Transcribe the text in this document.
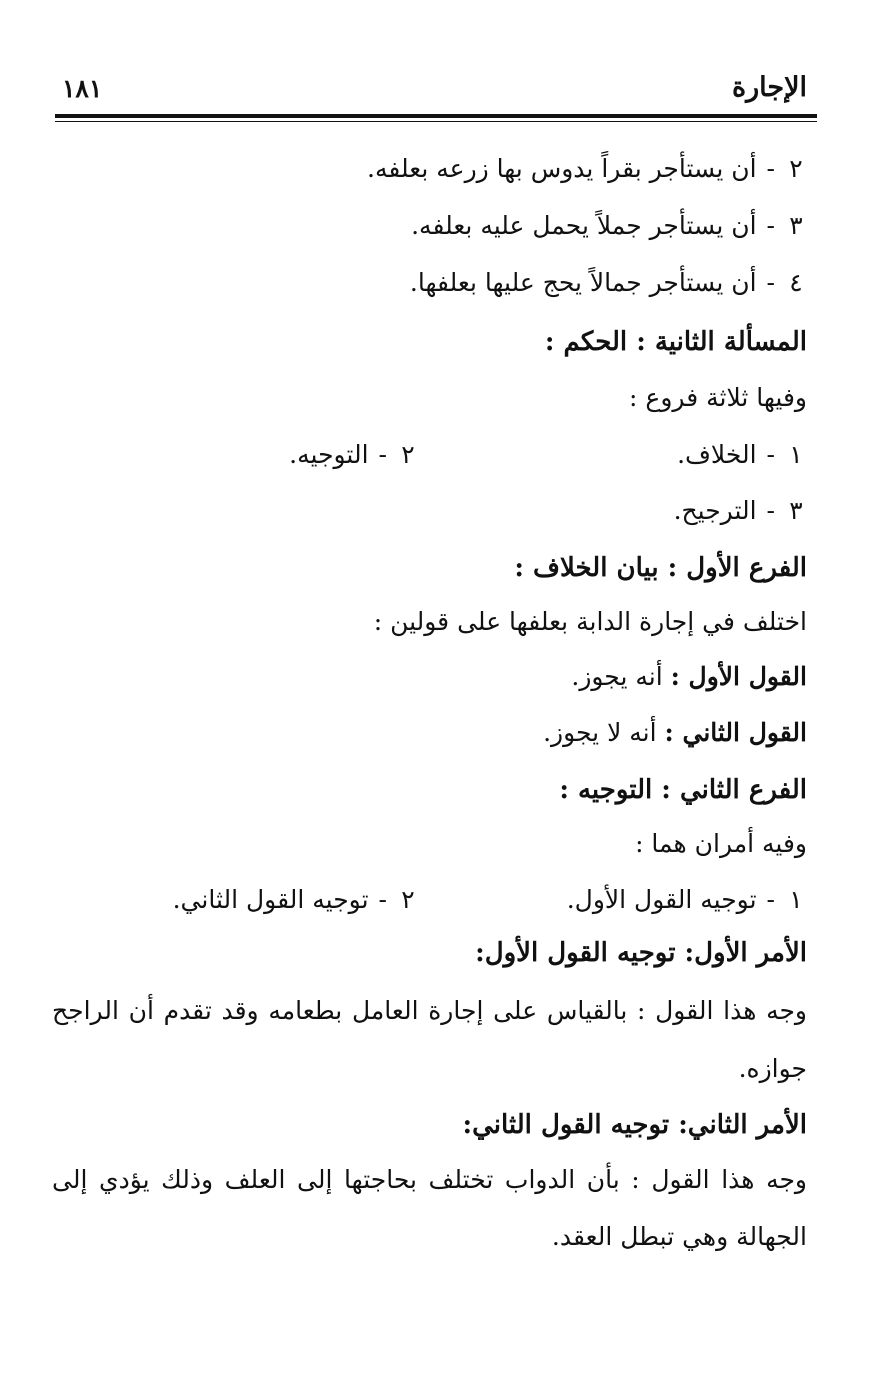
الإجارة
١٨١
٢-أن يستأجر بقراً يدوس بها زرعه بعلفه.
٣-أن يستأجر جملاً يحمل عليه بعلفه.
٤-أن يستأجر جمالاً يحج عليها بعلفها.
المسألة الثانية : الحكم :
وفيها ثلاثة فروع :
١-الخلاف.
٢-التوجيه.
٣-الترجيح.
الفرع الأول : بيان الخلاف :
اختلف في إجارة الدابة بعلفها على قولين :
القول الأول : أنه يجوز.
القول الثاني : أنه لا يجوز.
الفرع الثاني : التوجيه :
وفيه أمران هما :
١-توجيه القول الأول.
٢-توجيه القول الثاني.
الأمر الأول: توجيه القول الأول:
وجه هذا القول : بالقياس على إجارة العامل بطعامه وقد تقدم أن الراجح
جوازه.
الأمر الثاني: توجيه القول الثاني:
وجه هذا القول : بأن الدواب تختلف بحاجتها إلى العلف وذلك يؤدي إلى
الجهالة وهي تبطل العقد.
